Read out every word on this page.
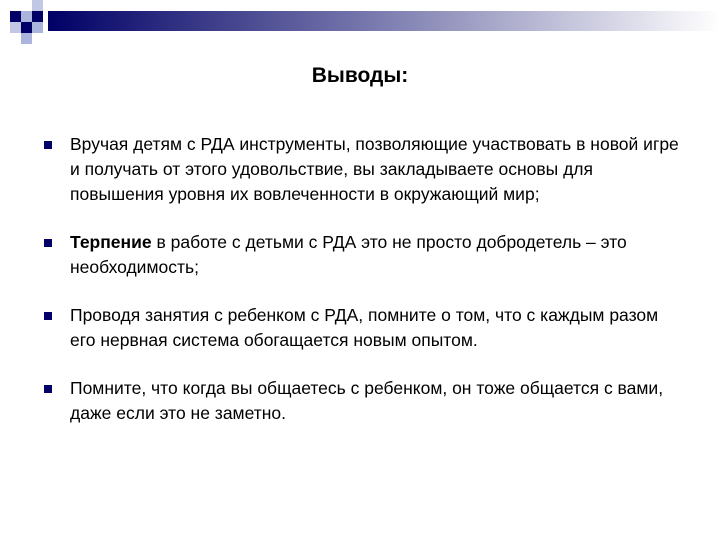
Выводы:
Вручая детям с РДА инструменты, позволяющие участвовать в новой игре и получать от этого удовольствие, вы закладываете основы для повышения уровня их вовлеченности в окружающий мир;
Терпение в работе с детьми с РДА это не просто добродетель – это необходимость;
Проводя занятия с ребенком с РДА, помните о том, что с каждым разом его нервная система обогащается новым опытом.
Помните, что когда вы общаетесь с ребенком, он тоже общается с вами, даже если это не заметно.
